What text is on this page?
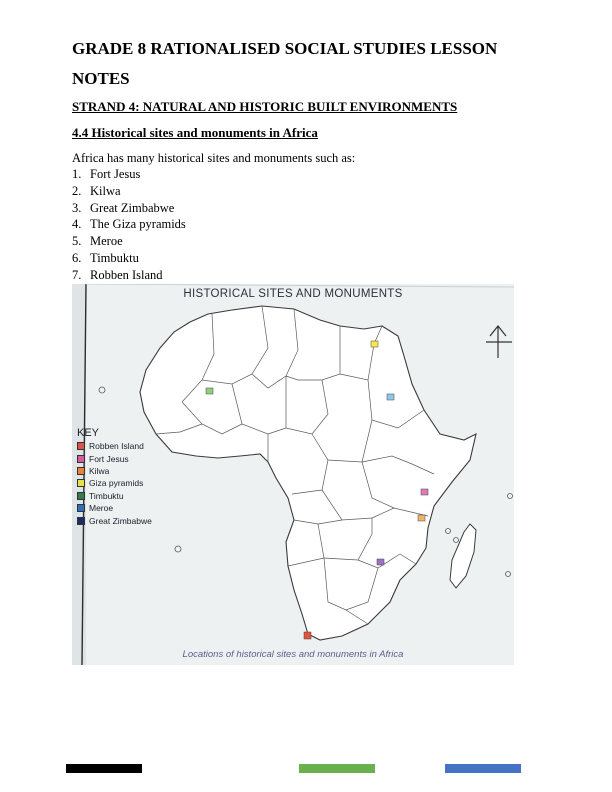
GRADE 8 RATIONALISED SOCIAL STUDIES LESSON NOTES

STRAND 4: NATURAL AND HISTORIC BUILT ENVIRONMENTS

4.4 Historical sites and monuments in Africa

Africa has many historical sites and monuments such as:

1. Fort Jesus
2. Kilwa
3. Great Zimbabwe
4. The Giza pyramids
5. Meroe
6. Timbuktu
7. Robben Island
HISTORICAL SITES AND MONUMENTS
KEY
Robben Island
Fort Jesus
Kilwa
Giza pyramids
Timbuktu
Meroe
Great Zimbabwe
Locations of historical sites and monuments in Africa
